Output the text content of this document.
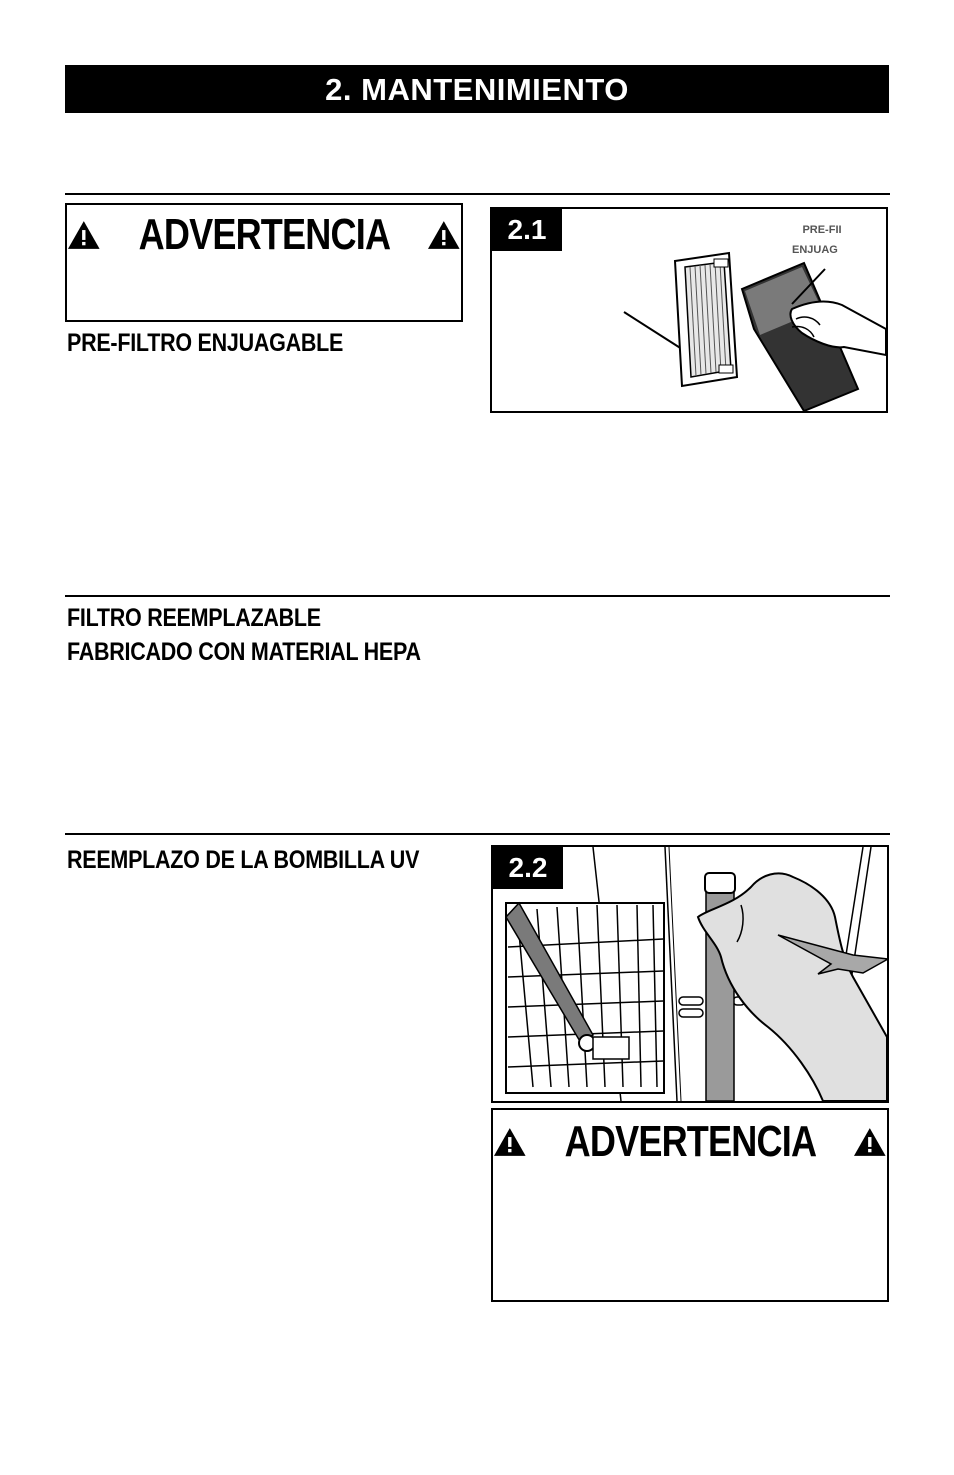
2. MANTENIMIENTO
ADVERTENCIA
PRE-FILTRO ENJUAGABLE
2.1	PRE-FII
ENJUAG
FILTRO REEMPLAZABLE
FABRICADO CON MATERIAL HEPA
REEMPLAZO DE LA BOMBILLA UV	2.2
ADVERTENCIA
